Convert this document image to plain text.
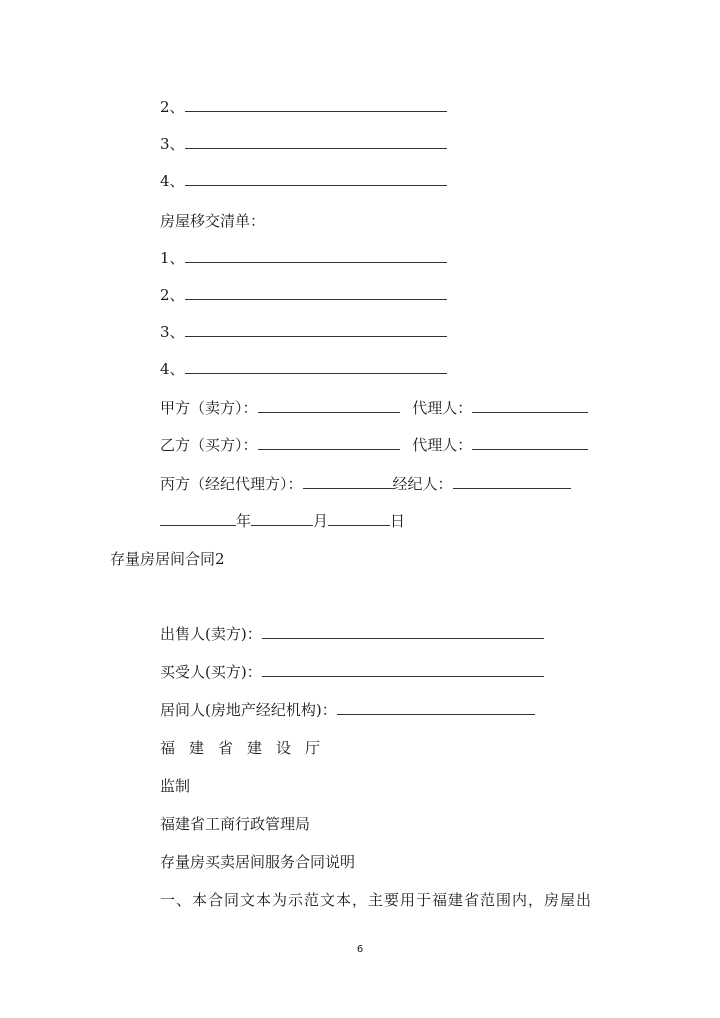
2、
3、
4、
房屋移交清单：
1、
2、
3、
4、
甲方（卖方）：	代理人：
乙方（买方）：	代理人：
丙方（经纪代理方）：	经纪人：
年	月	日
存量房居间合同2
出售人(卖方)：
买受人(买方)：
居间人(房地产经纪机构)：
福建省建设厅
监制
福建省工商行政管理局
存量房买卖居间服务合同说明
一、本合同文本为示范文本，主要用于福建省范围内，房屋出
6
